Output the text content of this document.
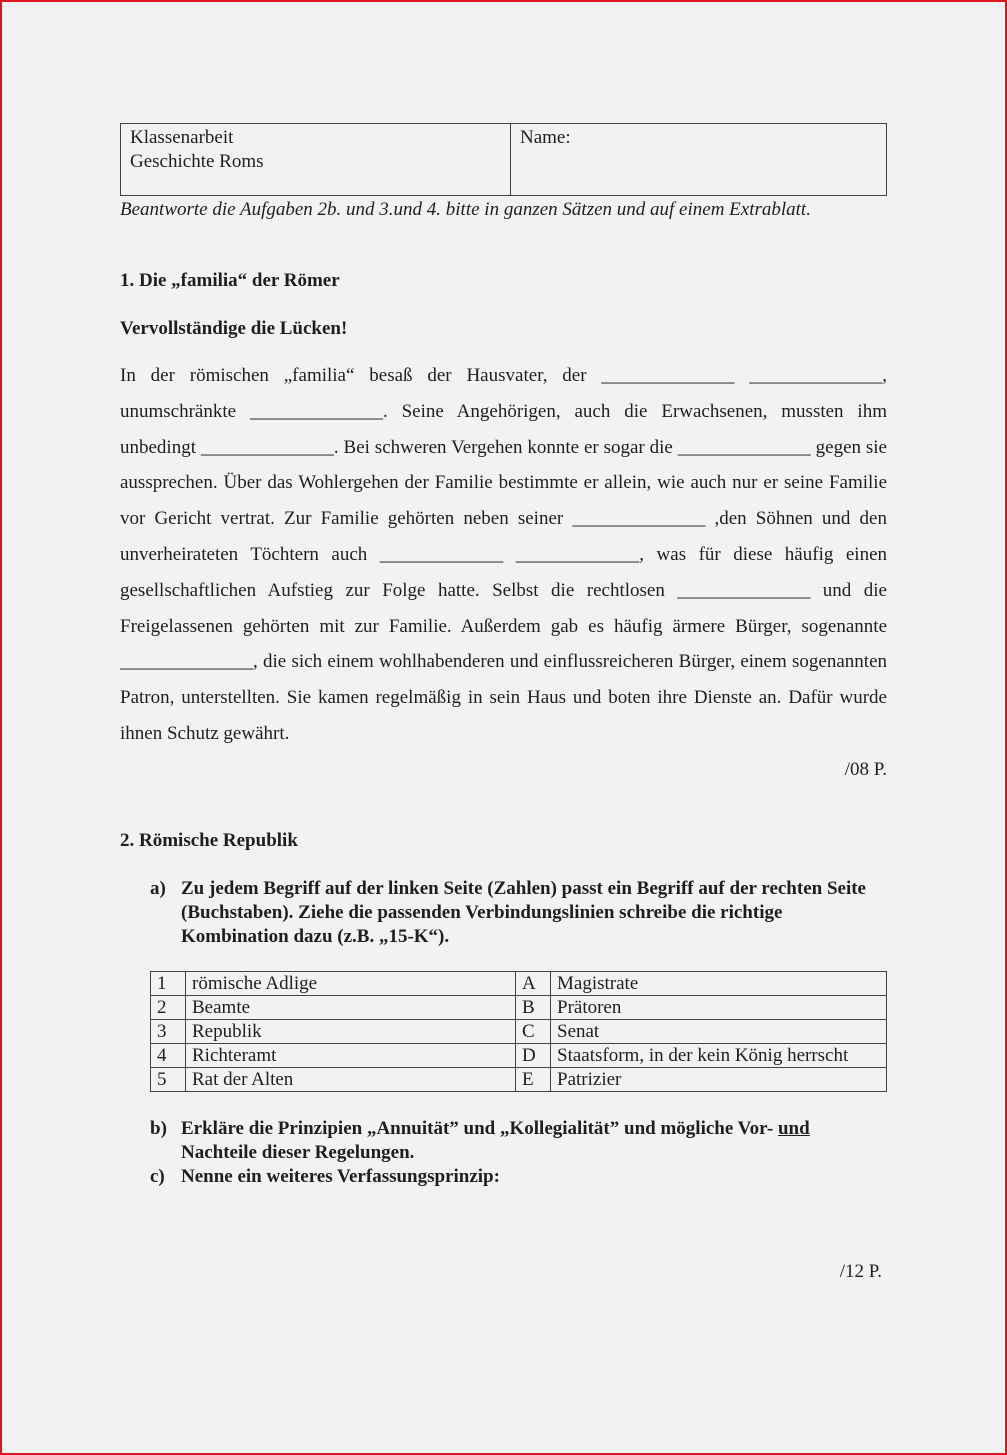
Klassenarbeit
Geschichte Roms

Name:
Beantworte die Aufgaben 2b. und 3.und 4. bitte in ganzen Sätzen und auf einem Extrablatt.
1. Die „familia“ der Römer
Vervollständige die Lücken!

In der römischen „familia“ besaß der Hausvater, der ______________ ______________, unumschränkte ______________. Seine Angehörigen, auch die Erwachsenen, mussten ihm unbedingt ______________. Bei schweren Vergehen konnte er sogar die ______________ gegen sie aussprechen. Über das Wohlergehen der Familie bestimmte er allein, wie auch nur er seine Familie vor Gericht vertrat. Zur Familie gehörten neben seiner ______________ ,den Söhnen und den unverheirateten Töchtern auch _____________ _____________, was für diese häufig einen gesellschaftlichen Aufstieg zur Folge hatte. Selbst die rechtlosen ______________ und die Freigelassenen gehörten mit zur Familie. Außerdem gab es häufig ärmere Bürger, sogenannte ______________, die sich einem wohlhabenderen und einflussreicheren Bürger, einem sogenannten Patron, unterstellten. Sie kamen regelmäßig in sein Haus und boten ihre Dienste an. Dafür wurde ihnen Schutz gewährt.

/08 P.
2. Römische Republik
a) Zu jedem Begriff auf der linken Seite (Zahlen) passt ein Begriff auf der rechten Seite (Buchstaben). Ziehe die passenden Verbindungslinien schreibe die richtige Kombination dazu (z.B. „15-K“).
1	römische Adlige	A	Magistrate
2	Beamte	B	Prätoren
3	Republik	C	Senat
4	Richteramt	D	Staatsform, in der kein König herrscht
5	Rat der Alten	E	Patrizier
b) Erkläre die Prinzipien „Annuität” und „Kollegialität” und mögliche Vor- und
Nachteile dieser Regelungen.
c) Nenne ein weiteres Verfassungsprinzip:
/12 P.
